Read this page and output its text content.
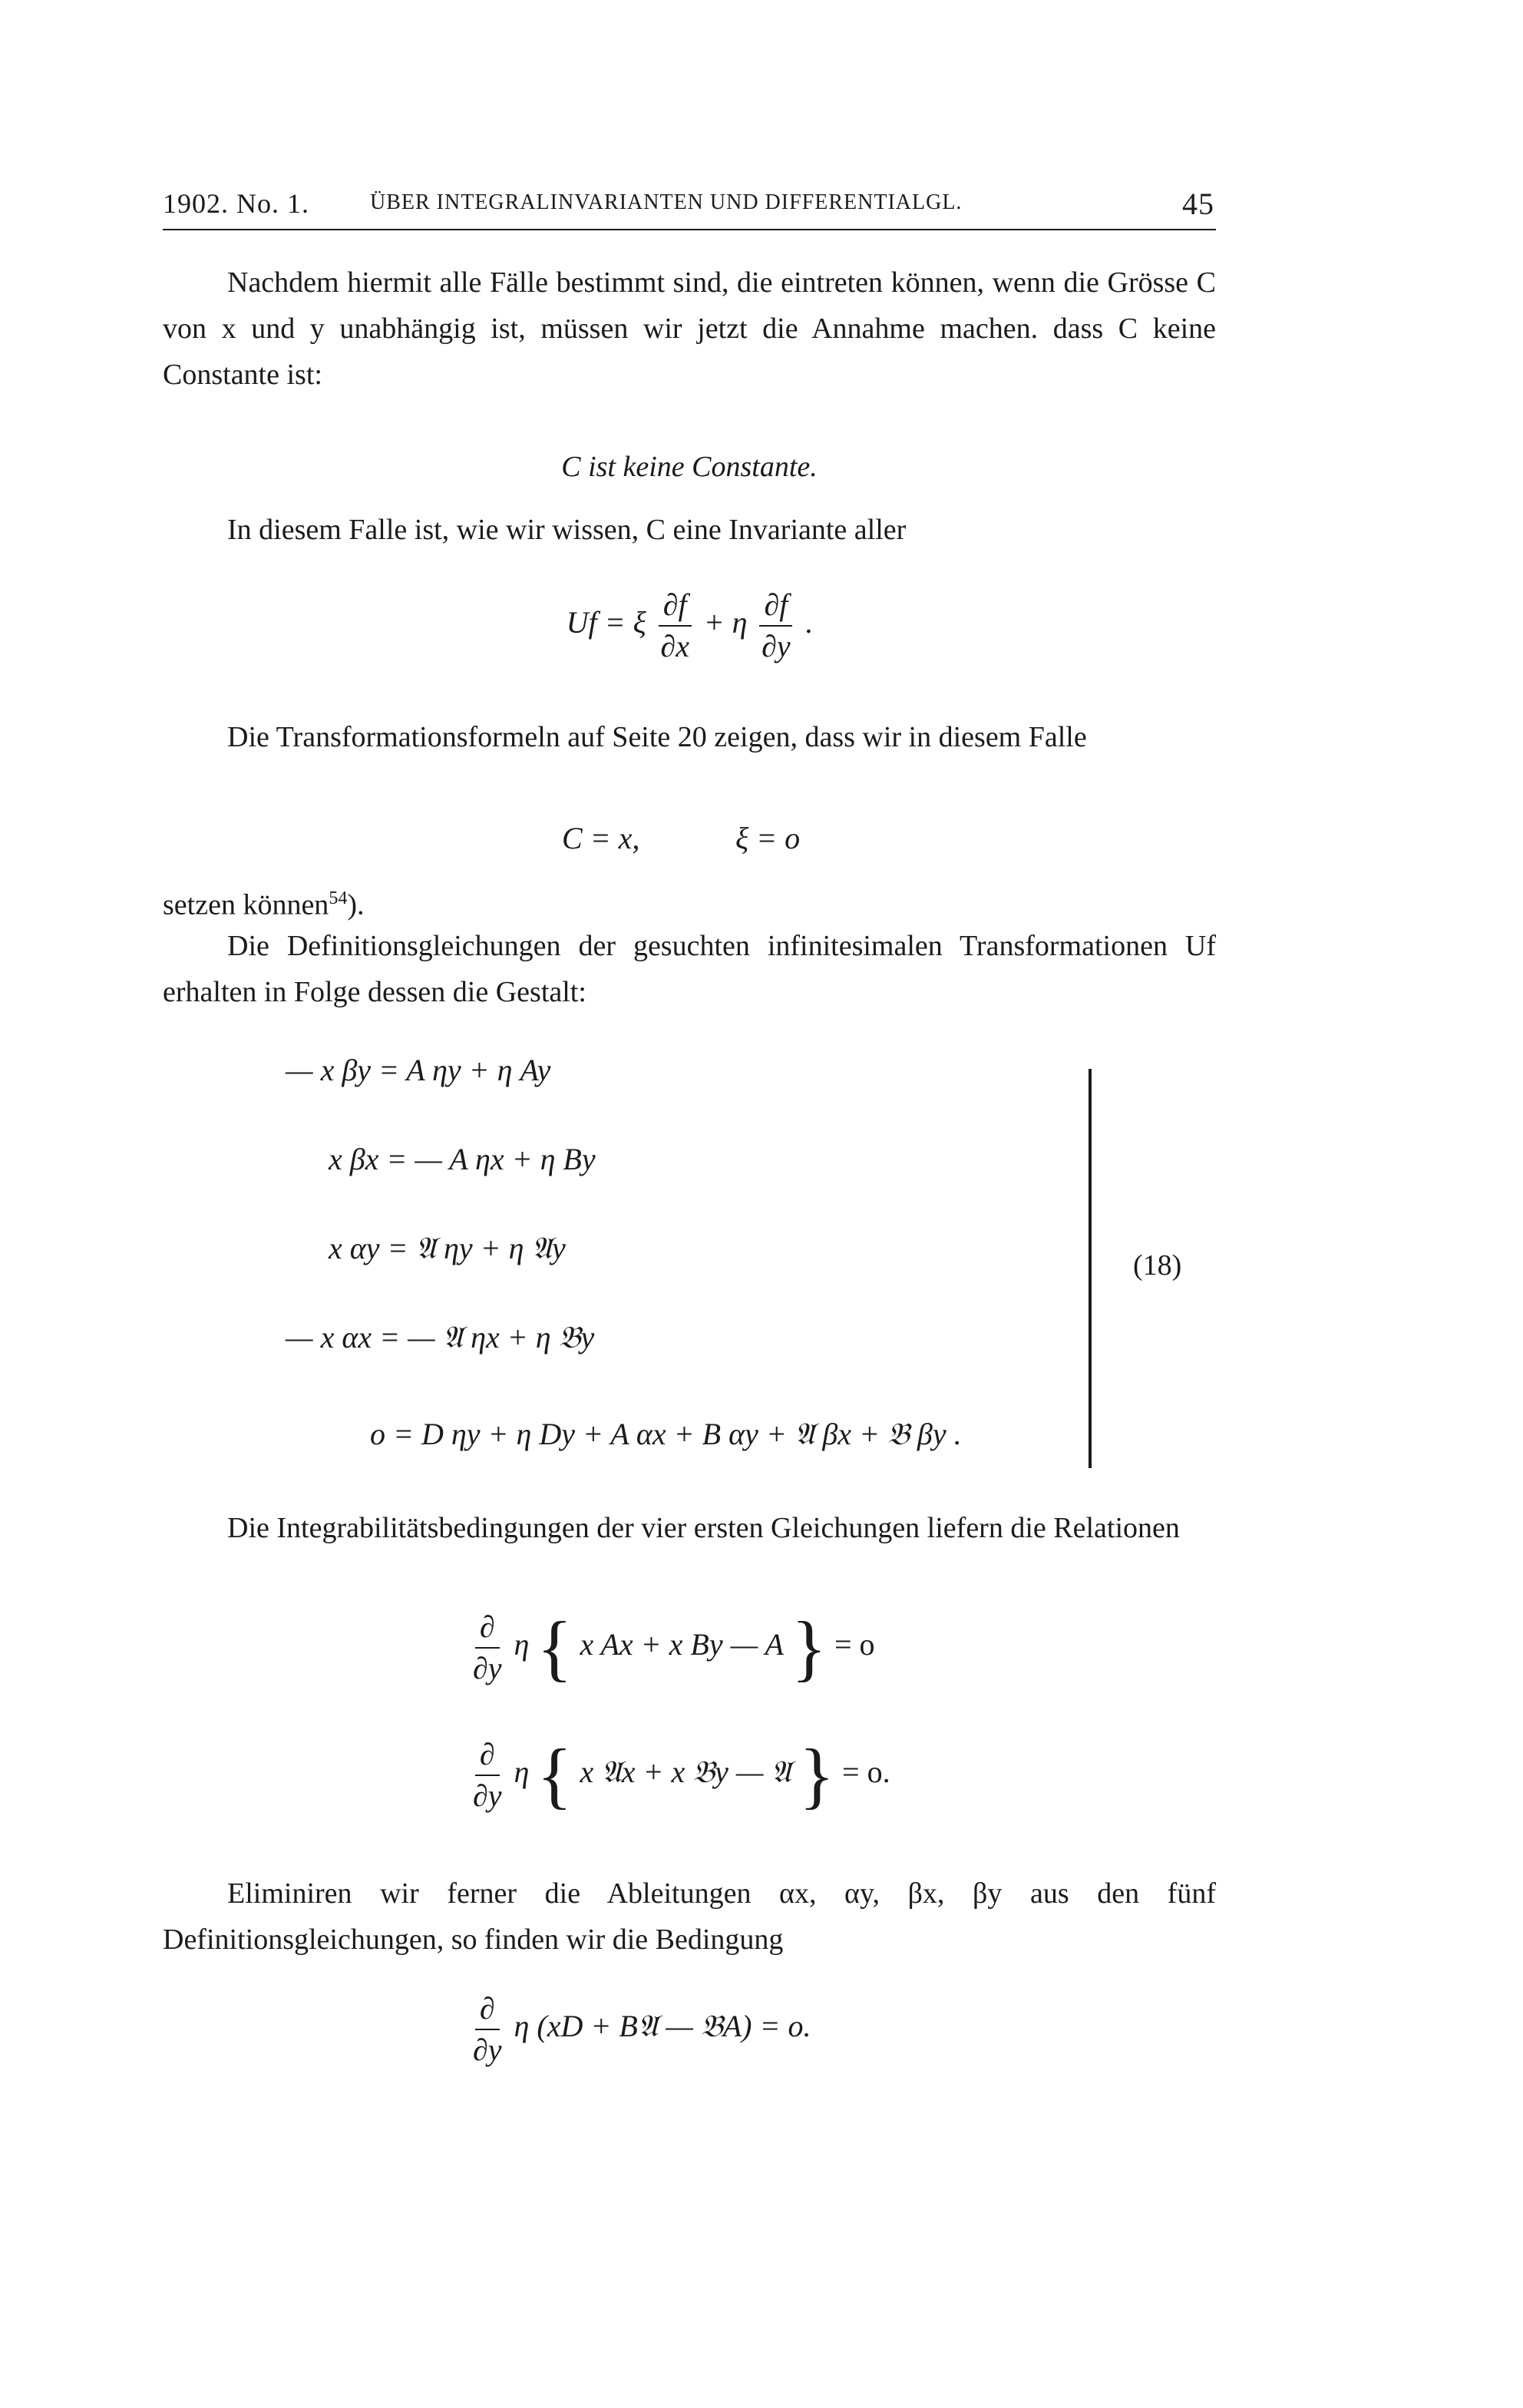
1902. No. 1.	ÜBER INTEGRALINVARIANTEN UND DIFFERENTIALGL.	45
Nachdem hiermit alle Fälle bestimmt sind, die eintreten können, wenn die Grösse C von x und y unabhängig ist, müssen wir jetzt die Annahme machen. dass C keine Constante ist:
C ist keine Constante.
In diesem Falle ist, wie wir wissen, C eine Invariante aller
Uf = ξ $\frac{\partial f}{\partial x} + \eta \frac{\partial f}{\partial y}$ .
Die Transformationsformeln auf Seite 20 zeigen, dass wir in diesem Falle
C = x,	ξ = o
setzen können$^{54}$).
Die Definitionsgleichungen der gesuchten infinitesimalen Transformationen Uf erhalten in Folge dessen die Gestalt:
— x βy = A ηy + η Ay
x βx = — A ηx + η By
x αy = 𝔄 ηy + η 𝔄y
— x αx = — 𝔄 ηx + η 𝔅y
o = D ηy + η Dy + A αx + B αy + 𝔄 βx + 𝔅 βy .
(18)
Die Integrabilitätsbedingungen der vier ersten Gleichungen liefern die Relationen
$\frac{\partial}{\partial y}$ η { x Ax + x By — A } = o
$\frac{\partial}{\partial y}$ η { x 𝔄x + x 𝔅y — 𝔄 } = o.
Eliminiren wir ferner die Ableitungen αx, αy, βx, βy aus den fünf Definitionsgleichungen, so finden wir die Bedingung
$\frac{\partial}{\partial y}$ η (xD + B𝔄 — 𝔅A) = o.
